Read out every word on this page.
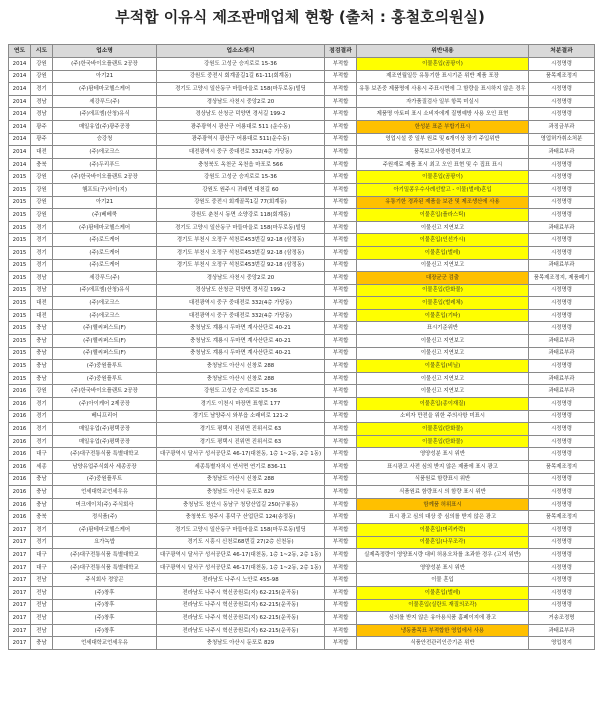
부적합 이유식 제조판매업체 현황 (출처 : 홍철호의원실)
연도	시도	업소명	업소소재지	점검결과	위반내용	처분결과
2014	강원	(주)한국바이오플랜트 2공장	강원도 고성군 승지로로 15-36	부적합	이물혼입(곰팡이)	시정명령
2014	강원	아기21	강원도 중전시 회계골길1길 61-11(회계동)	부적합	제조연월일등 유통기한 표시기준 위반 제품 포장	품목제조정지
2014	경기	(주)팜테마코헬스케어	경기도 고양시 일산동구 마들마을로 158(마두로동)빌딩	부적합	유통 보존중 제품명에 사용시 주표시면에 그 함량을 표시하지 않은 경우	시정명령
2014	경남	세강푸드(주)	경상남도 사천시 중앙2로 20	부적합	자가품질검사 일부 항목 미실시	시정명령
2014	경남	(주)에프엠(산청)유식	경상남도 산청군 덕양면 경서길 199-2	부적합	제품명 아토피 표시 소비자에게 질병예방 사용 오인 표현	시정명령
2014	광주	매일유업(주)광주공장	광주광역시 광산구 어룡대로 511 (운수동)	부적합	한성분 표준 부합기표시	과징금부과
2014	광주	승강청	광주광역시 광산구 어룡대로 511(운수동)	부적합	영업시설 중 일부 원료 및 6개이상 장기 주입위반	영업허가취소처분
2014	대전	(주)에코크스	대전광역시 중구 중대전로 332(4층 가당동)	부적합	품목보고사항변경미보고	과태료부과
2014	충북	(주)두리푸드	충청북도 옥천군 옥천읍 마포로 566	부적합	주원재료 제품 표시 최고 오인 표현 및 수 집표 표시	시정명령
2015	강원	(주)한국바이오플랜트 2공장	강원도 고성군 승지로로 15-36	부적합	이물혼입(곰팡이)	시정명령
2015	강원	햄프트(구)사이(지)	강원도 원주시 귀래면 대천길 60	부적합	아기밀콩우수사례선발고 - 이물(벌레)혼입	시정명령
2015	강원	아기21	강원도 중전시 회계골목1길 77(회계동)	부적합	유통기한 경과된 제품을 보관 및 제조생산에 사용	시정명령
2015	강원	(주)베베쿡	강원도 춘천시 동면 소양강로 118(회계동)	부적합	이물혼입(플라스틱)	시정명령
2015	경기	(주)팜테마코헬스케어	경기도 고양시 일산동구 마들마을로 158(마두로동)빌딩	부적합	이물신고 지연보고	과태료부과
2015	경기	(주)로드케어	경기도 부천시 오정구 석천로453번길 92-18 (삼정동)	부적합	이물혼입(인선가시)	시정명령
2015	경기	(주)로드케어	경기도 부천시 오정구 석천로453번길 92-18 (삼정동)	부적합	이물혼입(벌레)	시정명령
2015	경기	(주)로드케어	경기도 부천시 오정구 석천로453번길 92-18 (삼정동)	부적합	이물신고 지연보고	과태료부과
2015	경남	세강푸드(주)	경상남도 사천시 중앙2로 20	부적합	대장균군 검출	품목제조정지, 제품폐기
2015	경남	(주)에프엠(산청)유식	경상남도 산청군 덕양면 경서길 199-2	부적합	이물혼입(탄화물)	시정명령
2015	대전	(주)에코크스	대전광역시 중구 중대전로 332(4층 가당동)	부적합	이물혼입(벌레체)	시정명령
2015	대전	(주)에코크스	대전광역시 중구 중대전로 332(4층 가당동)	부적합	이물혼입(기타)	시정명령
2015	충남	(주)헬씨퍼스트(F)	충청남도 계룡시 두마면 계사산단로 40-21	부적합	표시기준위반	시정명령
2015	충남	(주)헬씨퍼스트(F)	충청남도 계룡시 두마면 계사산단로 40-21	부적합	이물신고 지연보고	과태료부과
2015	충남	(주)헬씨퍼스트(F)	충청남도 계룡시 두마면 계사산단로 40-21	부적합	이물신고 지연보고	과태료부과
2015	충남	(주)중원플루트	충청남도 아산시 신창로 288	부적합	이물혼입(비닐)	시정명령
2015	충남	(주)중원플루트	충청남도 아산시 신창로 288	부적합	이물신고 지연보고	과태료부과
2016	강원	(주)한국바이오플랜트 2공장	강원도 고성군 승지로로 15-36	부적합	이물신고 지연보고	과태료부과
2016	경기	(주)아이케어 2제공장	경기도 이천시 마장면 표형로 177	부적합	이물혼입(종이재질)	시정명령
2016	경기	베니프리어	경기도 남양주시 와부읍 소래비로 121-2	부적합	소비자 만전을 위한 주의사항 미표시	시정명령
2016	경기	매일유업(주)평택공장	경기도 평택시 진위면 진위서로 63	부적합	이물혼입(탄화물)	시정명령
2016	경기	매일유업(주)평택공장	경기도 평택시 진위면 진위서로 63	부적합	이물혼입(탄화물)	시정명령
2016	대구	(주)대구전통식품 특별대학교	대구광역시 달서구 성서공단로 46-17(대천동, 1층 1~2동, 2층 1동)	부적합	영양성분 표시 위반	시정명령
2016	세종	남양유업주식회사 세종공장	세종특별자치시 연서면 연기로 836-11	부적합	표시광고 사전 심의 받지 않은 제품에 표시 광고	품목제조정지
2016	충남	(주)중원플루트	충청남도 아산시 신창로 288	부적합	식품원료 함량표시 위반	시정명령
2016	충남	언세대학교언세우유	충청남도 아산시 둔포로 829	부적합	식품원료 함량표시 의 함량 표시 위반	시정명령
2016	충남	머크에이치(주) 주식회사	충청남도 천안시 동남구 청당산업길 250(구룡동)	부적합	함께품 허위표시	시정명령
2016	충북	정식품(주)	충청북도 청주시 흥덕구 산업단로 124(송정동)	부적합	표시 광고 심의 대상 중 심의를 받지 않은 광고	품목제조정지
2017	경기	(주)팜테마코헬스케어	경기도 고양시 일산동구 마들마을로 158(마두로동)빌딩	부적합	이물혼입(머리카락)	시정명령
2017	경기	요가녹밥	경기도 시흥시 신천로68번길 27(2층 신천동)	부적합	이물혼입(나무조각)	시정명령
2017	대구	(주)대구전통식품 특별대학교	대구광역시 달서구 성서공단로 46-17(대천동, 1층 1~2동, 2층 1동)	부적합	실제측정량이 영양표시량 대비 허용오차를 초과한 경우 (고지 위반)	시정명령
2017	대구	(주)대구전통식품 특별대학교	대구광역시 달서구 성서공단로 46-17(대천동, 1층 1~2동, 2층 1동)	부적합	영양성분 표시 위반	시정명령
2017	전남	주식회사 정앙곤	전라남도 나주시 노안로 455-98	부적합	이물 혼입	시정명령
2017	전남	(주)창후	전라남도 나주시 혁신공원로(지) 62-215(운곡동)	부적합	이물혼입(벌레)	시정명령
2017	전남	(주)창후	전라남도 나주시 혁신공원로(지) 62-215(운곡동)	부적합	이물혼입(실란트 재질의조각)	시정명령
2017	전남	(주)창후	전라남도 나주시 혁신공원로(지) 62-215(운곡동)	부적합	심의를 받지 않은 유아용식품 홈페이지에 광고	거송조정명
2017	전남	(주)창후	전라남도 나주시 혁신공원로(지) 62-215(운곡동)	부적합	냉동품목표 부적합한 영업에서 사용	과태료부과
2017	충남	언세대학교언세우유	충청남도 아산시 둔포로 829	부적합	식품안전관리인증기준 위반	영업정지
